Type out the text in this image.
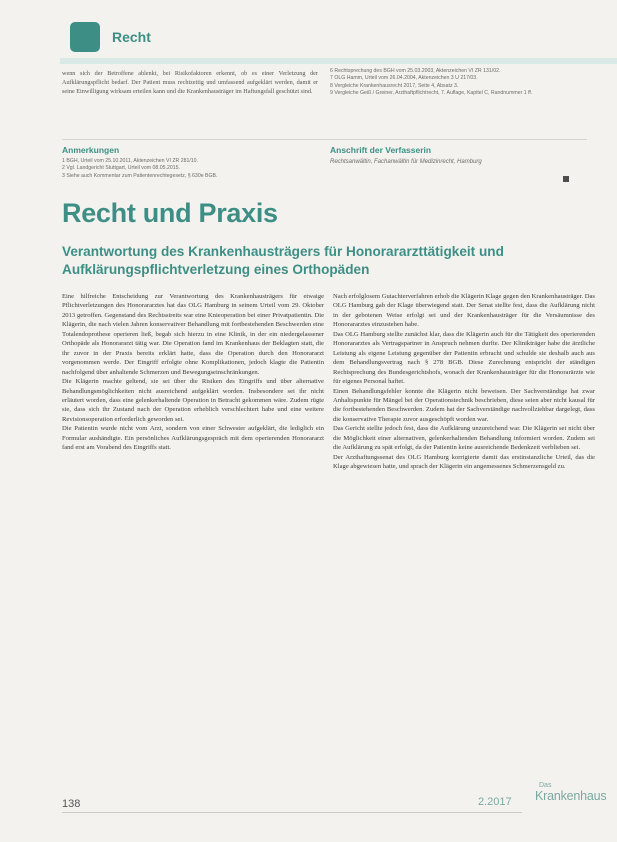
Recht
wenn sich der Betroffene ablenkt, bei Risikofaktoren erkennt, ob es einer Verletzung der Aufklärungspflicht bedarf. Der Patient muss rechtzeitig und umfassend aufgeklärt werden, damit er seine Einwilligung wirksam erteilen kann und die Krankenhausträger im Haftungsfall geschützt sind.
6 Rechtsprechung des BGH vom 25.03.2003, Aktenzeichen VI ZR 131/02.
7 OLG Hamm, Urteil vom 26.04.2004, Aktenzeichen 3 U 217/03.
8 Vergleiche Krankenhausrecht 2017, Seite 4, Absatz 3.
9 Vergleiche Geiß / Greiner, Arzthaftpflichtrecht, 7. Auflage, Kapitel C, Randnummer 1 ff.
Anmerkungen
1 BGH, Urteil vom 25.10.2011, Aktenzeichen VI ZR 281/10.
2 Vgl. Landgericht Stuttgart, Urteil vom 08.05.2015.
3 Siehe auch Kommentar zum Patientenrechtegesetz, § 630e BGB.
Anschrift der Verfasserin
Rechtsanwältin, Fachanwältin für Medizinrecht, Hamburg
Recht und Praxis
Verantwortung des Krankenhausträgers für Honorararzttätigkeit und Aufklärungspflichtverletzung eines Orthopäden

Eine hilfreiche Entscheidung zur Verantwortung des Krankenhausträgers für etwaige Pflichtverletzungen des Honorararztes hat das OLG Hamburg in seinem Urteil vom 29. Oktober 2013 getroffen. Gegenstand des Rechtsstreits war eine Knieoperation bei einer Privatpatientin. Die Klägerin, die nach vielen Jahren konservativer Behandlung mit fortbestehenden Beschwerden eine Totalendoprothese operieren ließ, begab sich hierzu in eine Klinik, in der ein niedergelassener Orthopäde als Honorararzt tätig war. Die Operation fand im Krankenhaus der Beklagten statt, die ihr zuvor in der Praxis bereits erklärt hatte, dass die Operation durch den Honorararzt vorgenommen werde. Der Eingriff erfolgte ohne Komplikationen, jedoch klagte die Patientin nachfolgend über anhaltende Schmerzen und Bewegungseinschränkungen.

Die Klägerin machte geltend, sie sei über die Risiken des Eingriffs und über alternative Behandlungsmöglichkeiten nicht ausreichend aufgeklärt worden. Insbesondere sei ihr nicht erläutert worden, dass eine gelenkerhaltende Operation in Betracht gekommen wäre. Zudem rügte sie, dass sich ihr Zustand nach der Operation erheblich verschlechtert habe und eine weitere Revisionsoperation erforderlich geworden sei.

Die Patientin wurde nicht vom Arzt, sondern von einer Schwester aufgeklärt, die lediglich ein Formular aushändigte. Ein persönliches Aufklärungsgespräch mit dem operierenden Honorararzt fand erst am Vorabend des Eingriffs statt.

Nach erfolglosem Gutachterverfahren erhob die Klägerin Klage gegen den Krankenhausträger. Das OLG Hamburg gab der Klage überwiegend statt. Der Senat stellte fest, dass die Aufklärung nicht in der gebotenen Weise erfolgt sei und der Krankenhausträger für die Versäumnisse des Honorararztes einzustehen habe.

Das OLG Hamburg stellte zunächst klar, dass die Klägerin auch für die Tätigkeit des operierenden Honorararztes als Vertragspartner in Anspruch nehmen durfte. Der Klinikträger habe die ärztliche Leistung als eigene Leistung gegenüber der Patientin erbracht und schulde sie deshalb auch aus dem Behandlungsvertrag nach § 278 BGB. Diese Zurechnung entspricht der ständigen Rechtsprechung des Bundesgerichtshofs, wonach der Krankenhausträger für die Honorarärzte wie für eigenes Personal haftet.

Einen Behandlungsfehler konnte die Klägerin nicht beweisen. Der Sachverständige hat zwar Anhaltspunkte für Mängel bei der Operationstechnik beschrieben, diese seien aber nicht kausal für die fortbestehenden Beschwerden. Zudem hat der Sachverständige nachvollziehbar dargelegt, dass die konservative Therapie zuvor ausgeschöpft worden war.

Das Gericht stellte jedoch fest, dass die Aufklärung unzureichend war. Die Klägerin sei nicht über die Möglichkeit einer alternativen, gelenkerhaltenden Behandlung informiert worden. Zudem sei die Aufklärung zu spät erfolgt, da der Patientin keine ausreichende Bedenkzeit verblieben sei.

Der Arzthaftungssenat des OLG Hamburg korrigierte damit das erstinstanzliche Urteil, das die Klage abgewiesen hatte, und sprach der Klägerin ein angemessenes Schmerzensgeld zu.

138	2.2017
Das
Krankenhaus
